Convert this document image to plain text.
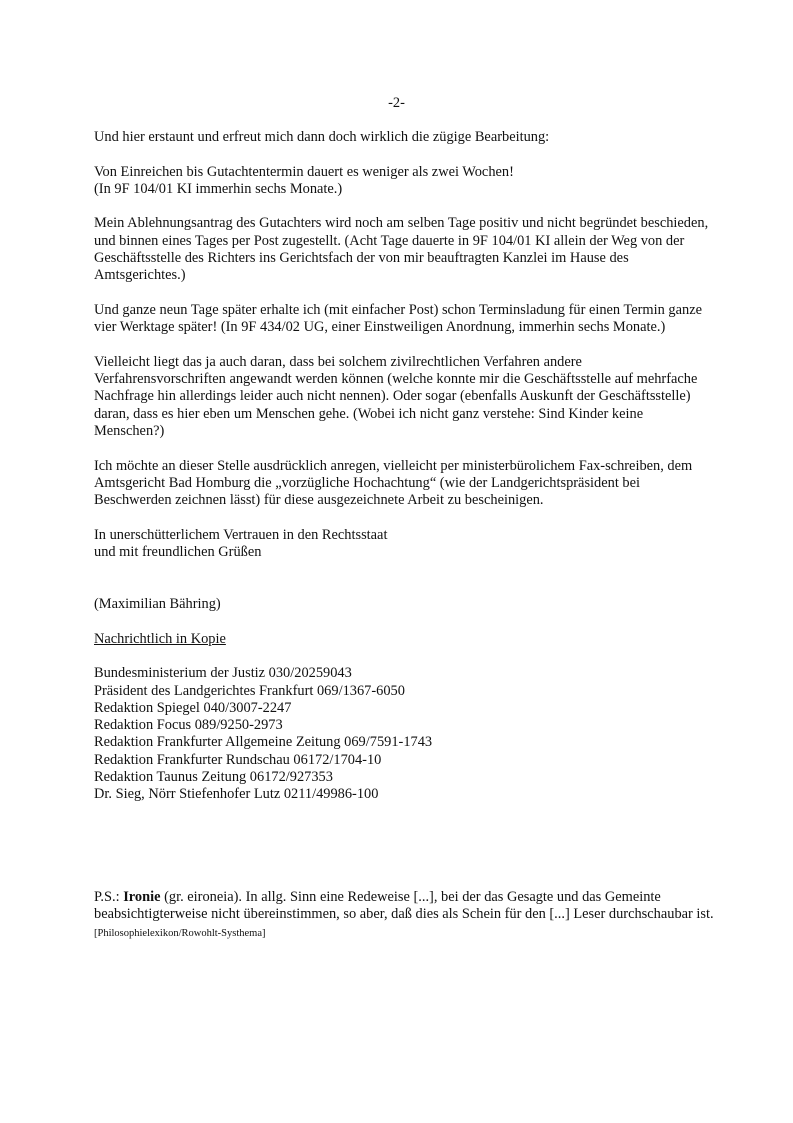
-2-

Und hier erstaunt und erfreut mich dann doch wirklich die zügige Bearbeitung:

Von Einreichen bis Gutachtentermin dauert es weniger als zwei Wochen!

(In 9F 104/01 KI immerhin sechs Monate.)

Mein Ablehnungsantrag des Gutachters wird noch am selben Tage positiv und nicht begründet beschieden, und binnen eines Tages per Post zugestellt. (Acht Tage dauerte in 9F 104/01 KI allein der Weg von der Geschäftsstelle des Richters ins Gerichtsfach der von mir beauftragten Kanzlei im Hause des Amtsgerichtes.)

Und ganze neun Tage später erhalte ich (mit einfacher Post) schon Terminsladung für einen Termin ganze vier Werktage später! (In 9F 434/02 UG, einer Einstweiligen Anordnung, immerhin sechs Monate.)

Vielleicht liegt das ja auch daran, dass bei solchem zivilrechtlichen Verfahren andere Verfahrensvorschriften angewandt werden können (welche konnte mir die Geschäftsstelle auf mehrfache Nachfrage hin allerdings leider auch nicht nennen). Oder sogar (ebenfalls Auskunft der Geschäftsstelle) daran, dass es hier eben um Menschen gehe. (Wobei ich nicht ganz verstehe: Sind Kinder keine Menschen?)

Ich möchte an dieser Stelle ausdrücklich anregen, vielleicht per ministerbürolichem Fax-schreiben, dem Amtsgericht Bad Homburg die „vorzügliche Hochachtung“ (wie der Landgerichtspräsident bei Beschwerden zeichnen lässt) für diese ausgezeichnete Arbeit zu bescheinigen.

In unerschütterlichem Vertrauen in den Rechtsstaat

und mit freundlichen Grüßen

(Maximilian Bähring)

Nachrichtlich in Kopie

Bundesministerium der Justiz 030/20259043

Präsident des Landgerichtes Frankfurt 069/1367-6050

Redaktion Spiegel 040/3007-2247

Redaktion Focus 089/9250-2973

Redaktion Frankfurter Allgemeine Zeitung 069/7591-1743

Redaktion Frankfurter Rundschau 06172/1704-10

Redaktion Taunus Zeitung 06172/927353

Dr. Sieg, Nörr Stiefenhofer Lutz 0211/49986-100

P.S.: Ironie (gr. eironeia). In allg. Sinn eine Redeweise [...], bei der das Gesagte und das Gemeinte beabsichtigterweise nicht übereinstimmen, so aber, daß dies als Schein für den [...] Leser durchschaubar ist. [Philosophielexikon/Rowohlt-Systhema]
